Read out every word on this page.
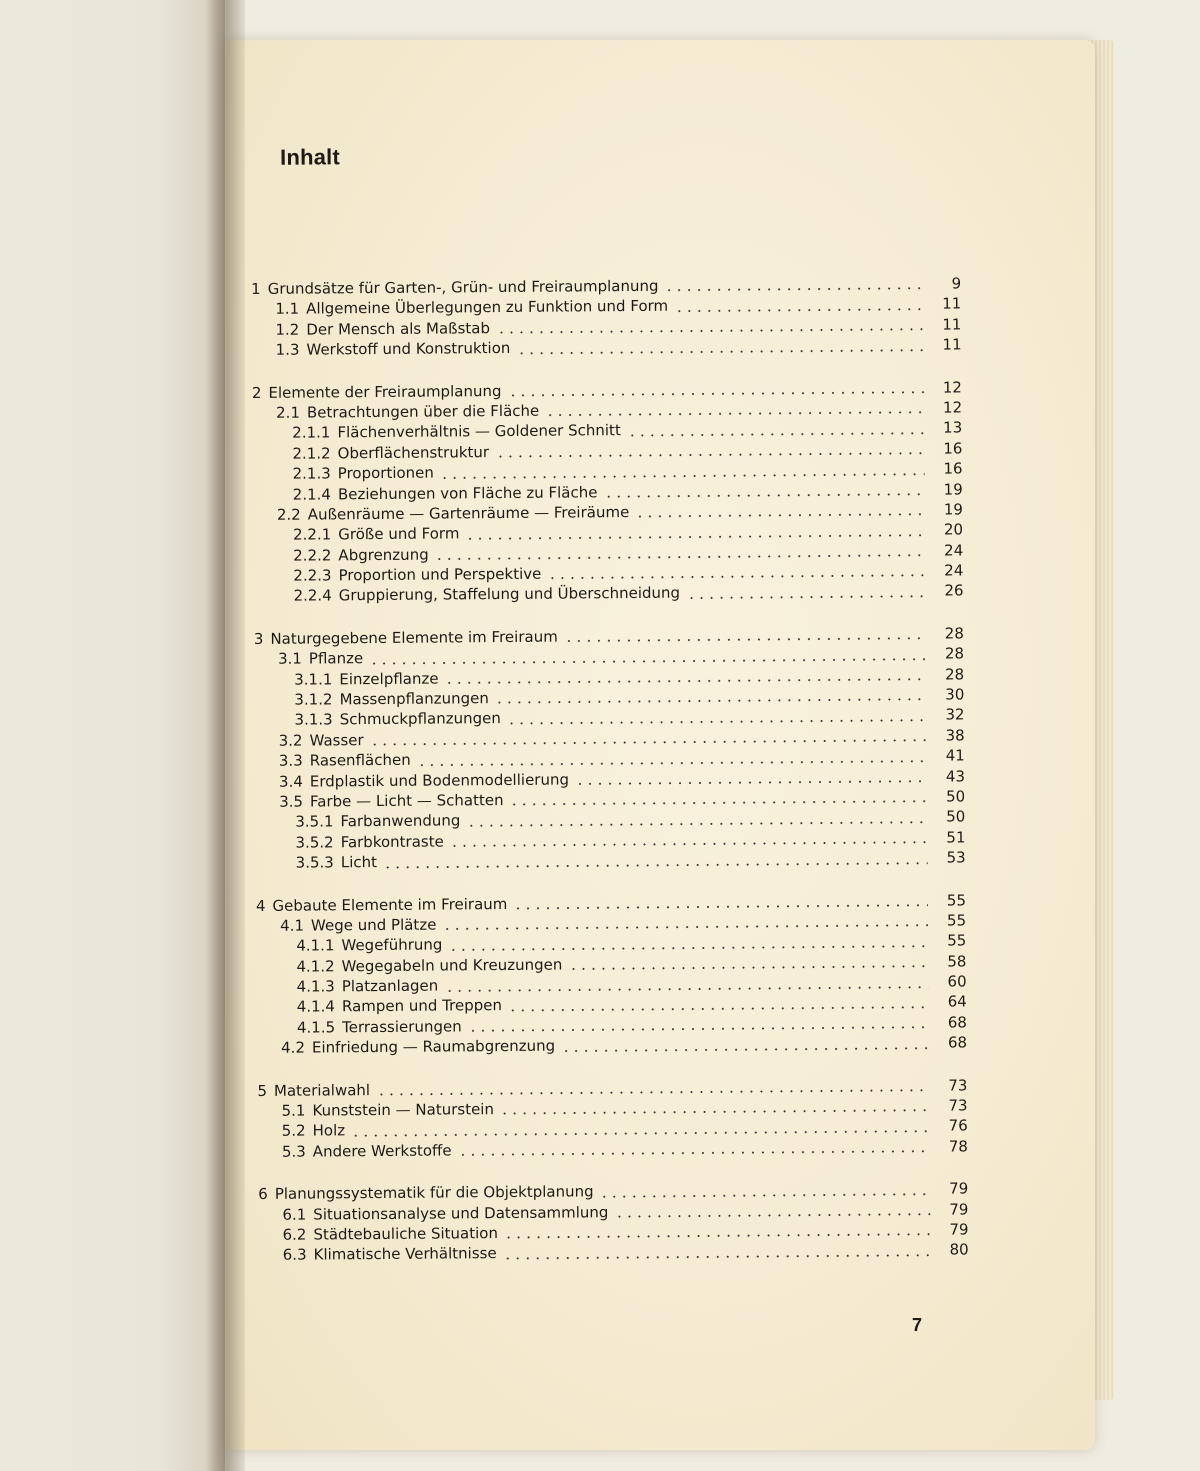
Inhalt
1 Grundsätze für Garten-, Grün- und Freiraumplanung	9
1.1 Allgemeine Überlegungen zu Funktion und Form	11
1.2 Der Mensch als Maßstab	11
1.3 Werkstoff und Konstruktion	11
2 Elemente der Freiraumplanung	12
2.1 Betrachtungen über die Fläche	12
2.1.1 Flächenverhältnis — Goldener Schnitt	13
2.1.2 Oberflächenstruktur	16
2.1.3 Proportionen	16
2.1.4 Beziehungen von Fläche zu Fläche	19
2.2 Außenräume — Gartenräume — Freiräume	19
2.2.1 Größe und Form	20
2.2.2 Abgrenzung	24
2.2.3 Proportion und Perspektive	24
2.2.4 Gruppierung, Staffelung und Überschneidung	26
3 Naturgegebene Elemente im Freiraum	28
3.1 Pflanze	28
3.1.1 Einzelpflanze	28
3.1.2 Massenpflanzungen	30
3.1.3 Schmuckpflanzungen	32
3.2 Wasser	38
3.3 Rasenflächen	41
3.4 Erdplastik und Bodenmodellierung	43
3.5 Farbe — Licht — Schatten	50
3.5.1 Farbanwendung	50
3.5.2 Farbkontraste	51
3.5.3 Licht	53
4 Gebaute Elemente im Freiraum	55
4.1 Wege und Plätze	55
4.1.1 Wegeführung	55
4.1.2 Wegegabeln und Kreuzungen	58
4.1.3 Platzanlagen	60
4.1.4 Rampen und Treppen	64
4.1.5 Terrassierungen	68
4.2 Einfriedung — Raumabgrenzung	68
5 Materialwahl	73
5.1 Kunststein — Naturstein	73
5.2 Holz	76
5.3 Andere Werkstoffe	78
6 Planungssystematik für die Objektplanung	79
6.1 Situationsanalyse und Datensammlung	79
6.2 Städtebauliche Situation	79
6.3 Klimatische Verhältnisse	80
7
